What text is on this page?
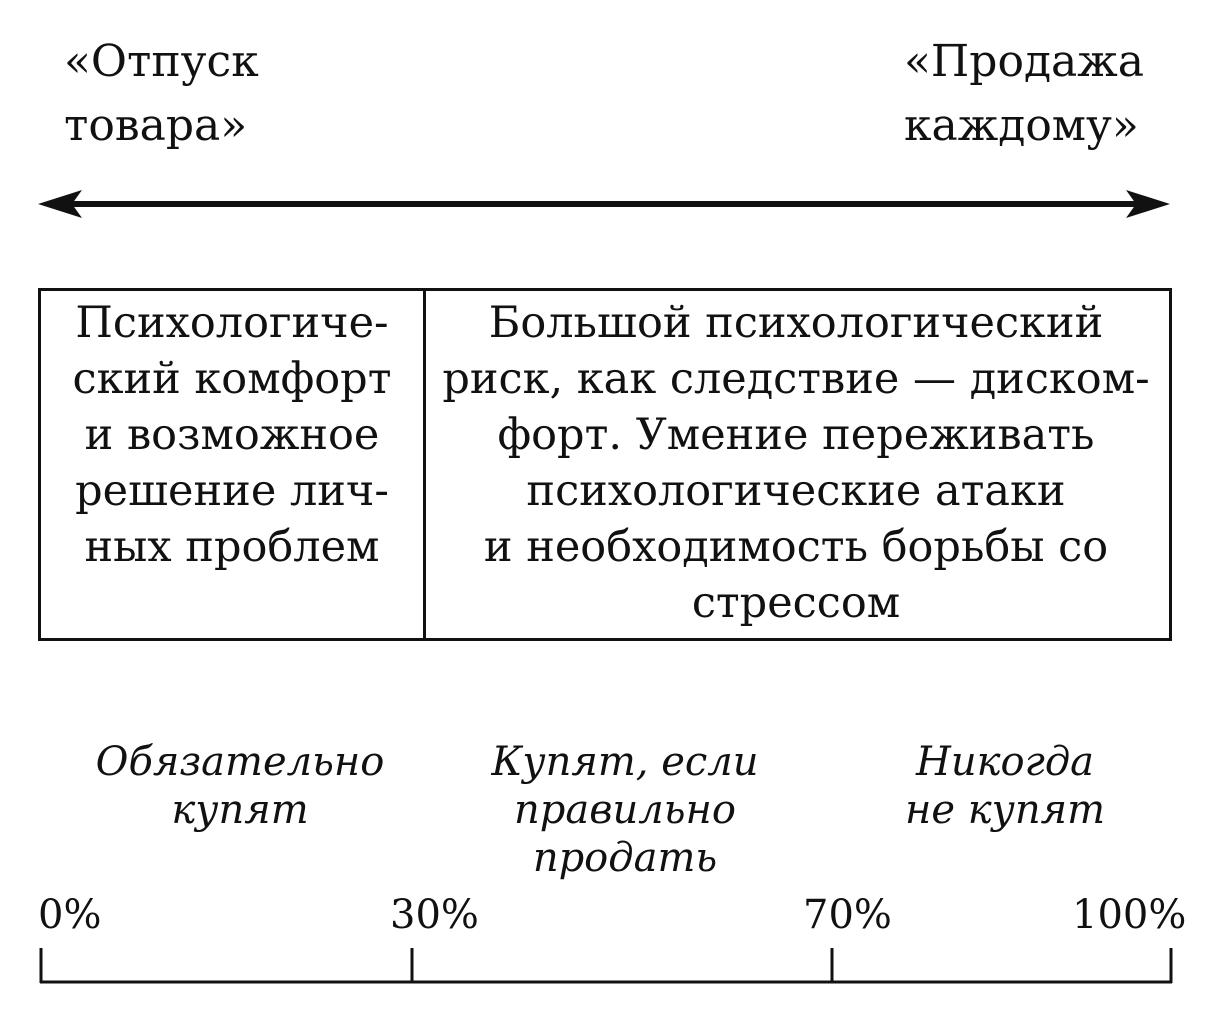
«Отпуск
товара»
«Продажа
каждому»
Психологиче-
ский комфорт
и возможное
решение лич-
ных проблем
Большой психологический
риск, как следствие — диском-
форт. Умение переживать
психологические атаки
и необходимость борьбы со
стрессом
Обязательно
купят
Купят, если
правильно продать
Никогда
не купят
0%	30%	70%	100%
